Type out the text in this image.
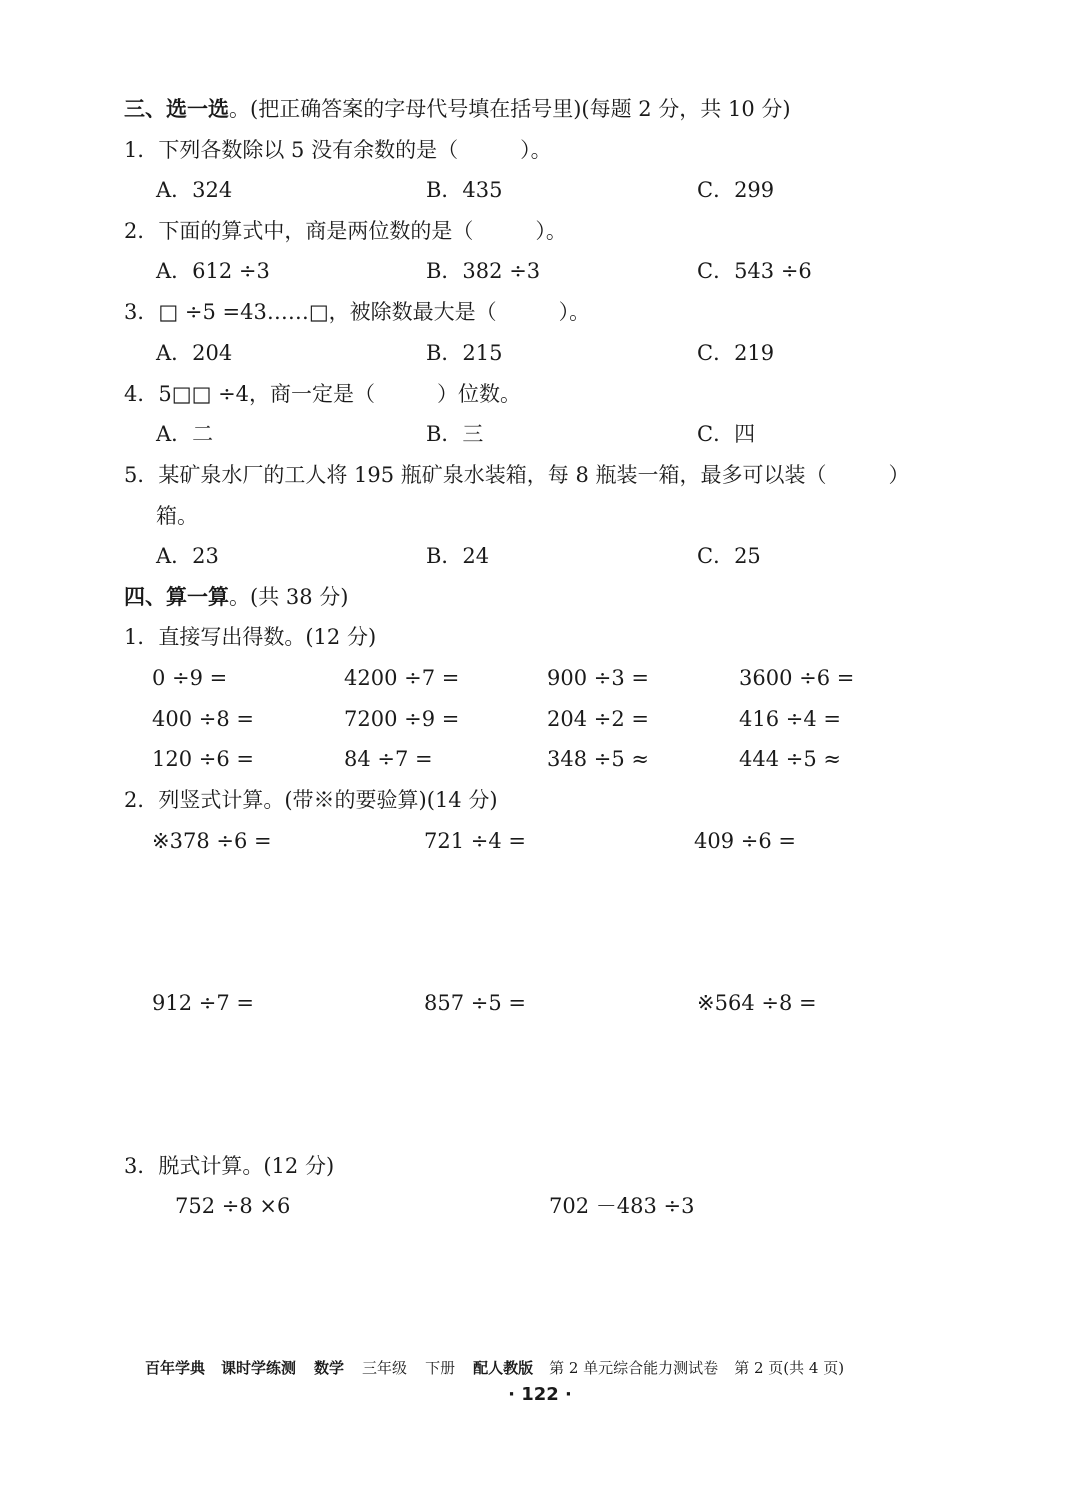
三、选一选。(把正确答案的字母代号填在括号里)(每题 2 分，共 10 分)
1．下列各数除以 5 没有余数的是（	）。
A．324	B．435	C．299
2．下面的算式中，商是两位数的是（	）。
A．612 ÷3	B．382 ÷3	C．543 ÷6
3．□ ÷5 =43……□，被除数最大是（	）。
A．204	B．215	C．219
4．5□□ ÷4，商一定是（	）位数。
A．二	B．三	C．四
5．某矿泉水厂的工人将 195 瓶矿泉水装箱，每 8 瓶装一箱，最多可以装（	）
箱。
A．23	B．24	C．25
四、算一算。(共 38 分)
1．直接写出得数。(12 分)
0 ÷9 =	4200 ÷7 =	900 ÷3 =	3600 ÷6 =
400 ÷8 =	7200 ÷9 =	204 ÷2 =	416 ÷4 =
120 ÷6 =	84 ÷7 =	348 ÷5 ≈	444 ÷5 ≈
2．列竖式计算。(带※的要验算)(14 分)
※378 ÷6 =	721 ÷4 =	409 ÷6 =
912 ÷7 =	857 ÷5 =	※564 ÷8 =
3．脱式计算。(12 分)
752 ÷8 ×6	702 －483 ÷3
百年学典 课时学练测 数学 三年级 下册 配人教版 第 2 单元综合能力测试卷 第 2 页(共 4 页)
· 122 ·
